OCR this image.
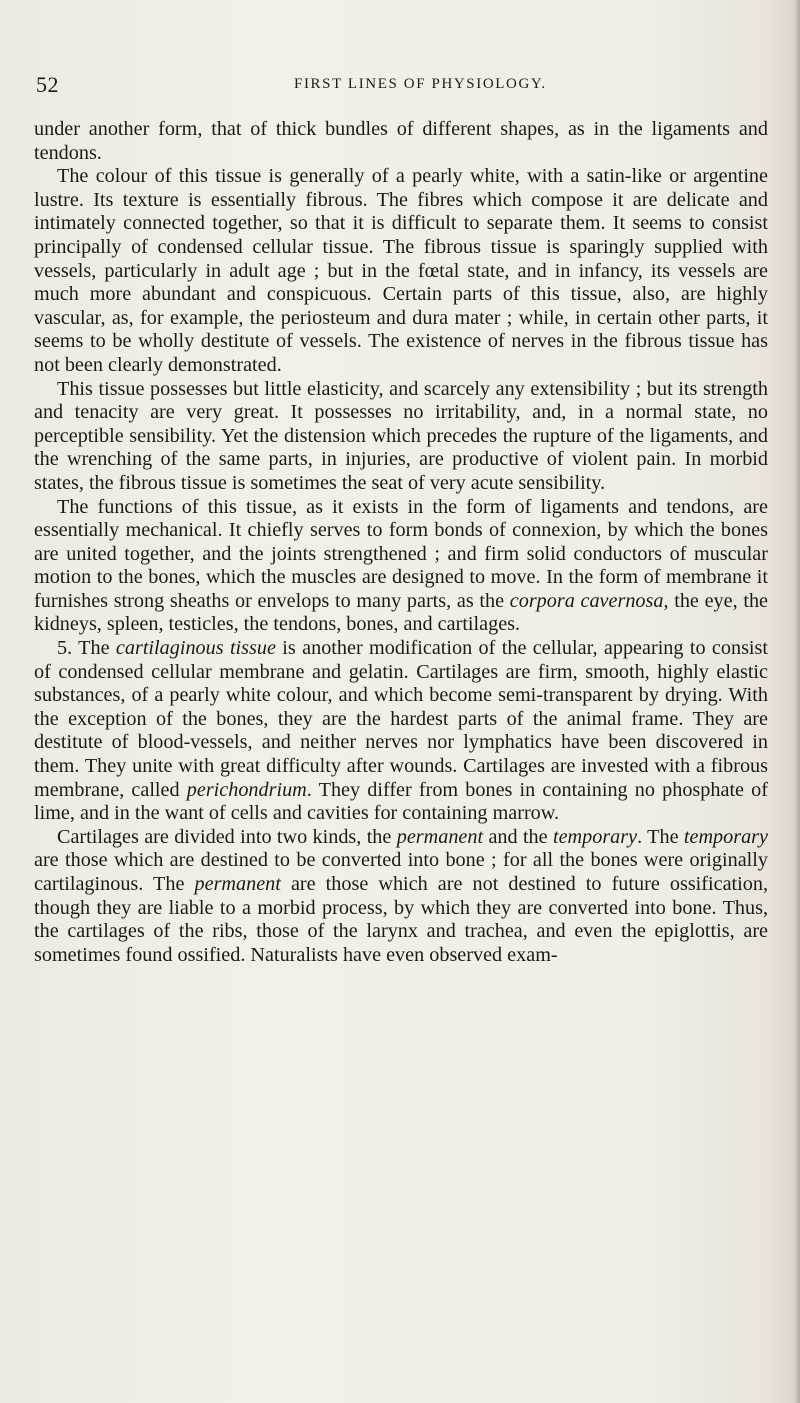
52	FIRST LINES OF PHYSIOLOGY.

under another form, that of thick bundles of different shapes, as in the ligaments and tendons.

The colour of this tissue is generally of a pearly white, with a satin-like or argentine lustre. Its texture is essentially fibrous. The fibres which compose it are delicate and intimately connected together, so that it is difficult to separate them. It seems to consist principally of condensed cellular tissue. The fibrous tissue is sparingly supplied with vessels, particularly in adult age ; but in the fœtal state, and in infancy, its vessels are much more abundant and conspicuous. Certain parts of this tissue, also, are highly vascular, as, for example, the periosteum and dura mater ; while, in certain other parts, it seems to be wholly destitute of vessels. The existence of nerves in the fibrous tissue has not been clearly demonstrated.

This tissue possesses but little elasticity, and scarcely any extensibility ; but its strength and tenacity are very great. It possesses no irritability, and, in a normal state, no perceptible sensibility. Yet the distension which precedes the rupture of the ligaments, and the wrenching of the same parts, in injuries, are productive of violent pain. In morbid states, the fibrous tissue is sometimes the seat of very acute sensibility.

The functions of this tissue, as it exists in the form of ligaments and tendons, are essentially mechanical. It chiefly serves to form bonds of connexion, by which the bones are united together, and the joints strengthened ; and firm solid conductors of muscular motion to the bones, which the muscles are designed to move. In the form of membrane it furnishes strong sheaths or envelops to many parts, as the corpora cavernosa, the eye, the kidneys, spleen, testicles, the tendons, bones, and cartilages.

5. The cartilaginous tissue is another modification of the cellular, appearing to consist of condensed cellular membrane and gelatin. Cartilages are firm, smooth, highly elastic substances, of a pearly white colour, and which become semi-transparent by drying. With the exception of the bones, they are the hardest parts of the animal frame. They are destitute of blood-vessels, and neither nerves nor lymphatics have been discovered in them. They unite with great difficulty after wounds. Cartilages are invested with a fibrous membrane, called perichondrium. They differ from bones in containing no phosphate of lime, and in the want of cells and cavities for containing marrow.

Cartilages are divided into two kinds, the permanent and the temporary. The temporary are those which are destined to be converted into bone ; for all the bones were originally cartilaginous. The permanent are those which are not destined to future ossification, though they are liable to a morbid process, by which they are converted into bone. Thus, the cartilages of the ribs, those of the larynx and trachea, and even the epiglottis, are sometimes found ossified. Naturalists have even observed exam-
